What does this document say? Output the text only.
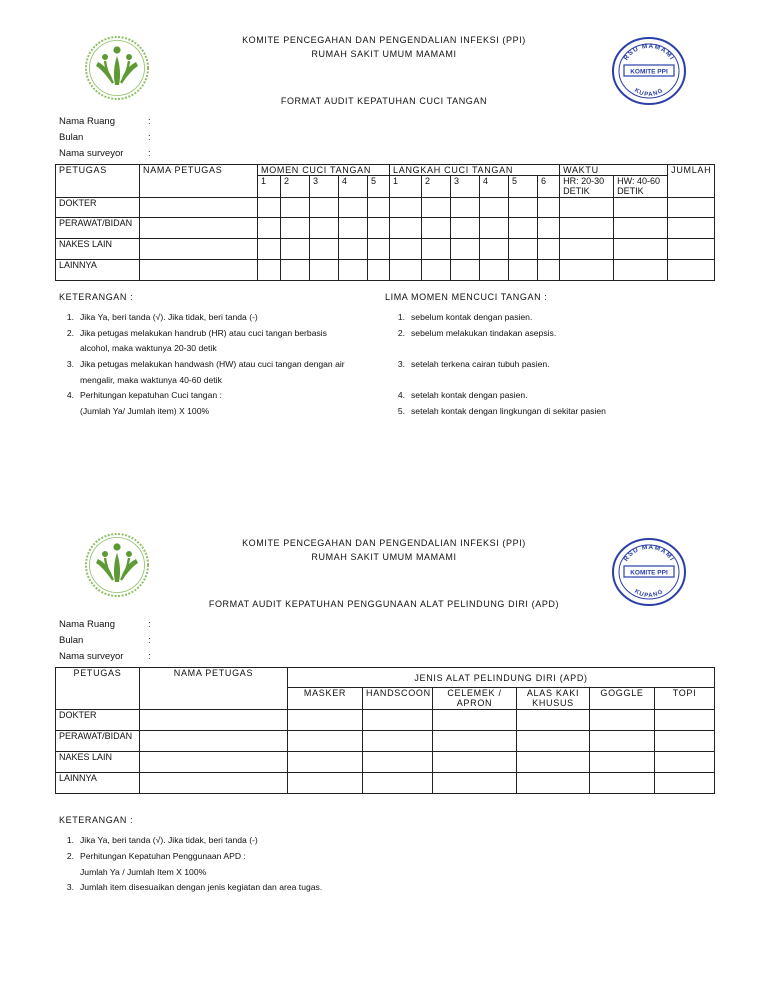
RSU MAMAMI
KOMITE PPI
KUPANG
KOMITE PENCEGAHAN DAN PENGENDALIAN INFEKSI (PPI)
RUMAH SAKIT UMUM MAMAMI
FORMAT AUDIT KEPATUHAN CUCI TANGAN
Nama Ruang	:
Bulan	:
Nama surveyor	:
PETUGAS	NAMA PETUGAS	MOMEN CUCI TANGAN					LANGKAH CUCI TANGAN						WAKTU		JUMLAH
		1	2	3	4	5	1	2	3	4	5	6	HR: 20-30 DETIK	HW: 40-60 DETIK	
DOKTER															
PERAWAT/BIDAN															
NAKES LAIN															
LAINNYA															
KETERANGAN :
1. Jika Ya, beri tanda (√). Jika tidak, beri tanda (-)
2. Jika petugas melakukan handrub (HR) atau cuci tangan berbasis
alcohol, maka waktunya 20-30 detik
3. Jika petugas melakukan handwash (HW) atau cuci tangan dengan air
mengalir, maka waktunya 40-60 detik
4. Perhitungan kepatuhan Cuci tangan :
(Jumlah Ya/ Jumlah item) X 100%
LIMA MOMEN MENCUCI TANGAN :
1. sebelum kontak dengan pasien.
2. sebelum melakukan tindakan asepsis.
3. setelah terkena cairan tubuh pasien.
4. setelah kontak dengan pasien.
5. setelah kontak dengan lingkungan di sekitar pasien
RSU MAMAMI
KOMITE PPI
KUPANG
KOMITE PENCEGAHAN DAN PENGENDALIAN INFEKSI (PPI)
RUMAH SAKIT UMUM MAMAMI
FORMAT AUDIT KEPATUHAN PENGGUNAAN ALAT PELINDUNG DIRI (APD)
Nama Ruang	:
Bulan	:
Nama surveyor	:
PETUGAS	NAMA PETUGAS	JENIS ALAT PELINDUNG DIRI (APD)					
		MASKER	HANDSCOON	CELEMEK / APRON	ALAS KAKI KHUSUS	GOGGLE	TOPI
DOKTER							
PERAWAT/BIDAN							
NAKES LAIN							
LAINNYA							
KETERANGAN :
1. Jika Ya, beri tanda (√). Jika tidak, beri tanda (-)
2. Perhitungan Kepatuhan Penggunaan APD :
Jumlah Ya / Jumlah Item X 100%
3. Jumlah item disesuaikan dengan jenis kegiatan dan area tugas.
